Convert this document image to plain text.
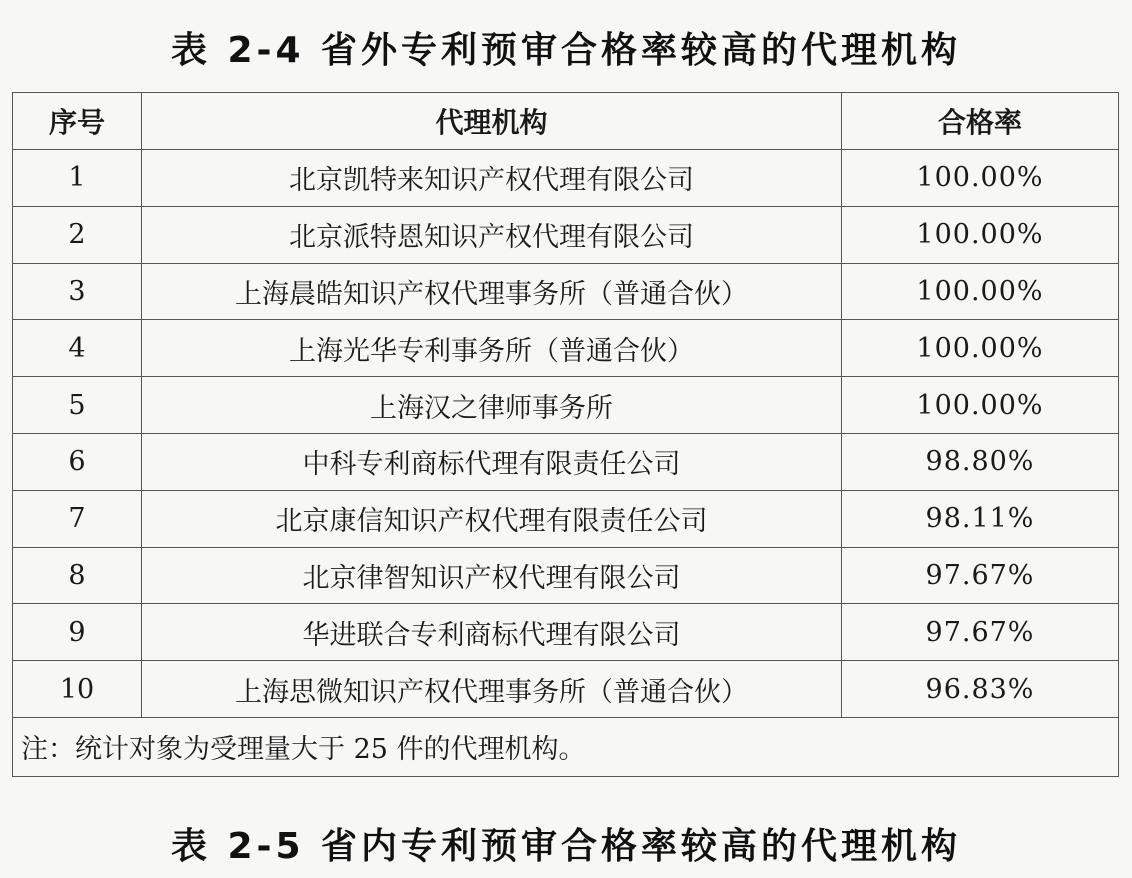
表 2-4 省外专利预审合格率较高的代理机构
序号	代理机构	合格率
1	北京凯特来知识产权代理有限公司	100.00%
2	北京派特恩知识产权代理有限公司	100.00%
3	上海晨皓知识产权代理事务所（普通合伙）	100.00%
4	上海光华专利事务所（普通合伙）	100.00%
5	上海汉之律师事务所	100.00%
6	中科专利商标代理有限责任公司	98.80%
7	北京康信知识产权代理有限责任公司	98.11%
8	北京律智知识产权代理有限公司	97.67%
9	华进联合专利商标代理有限公司	97.67%
10	上海思微知识产权代理事务所（普通合伙）	96.83%
注：统计对象为受理量大于 25 件的代理机构。		
表 2-5 省内专利预审合格率较高的代理机构
